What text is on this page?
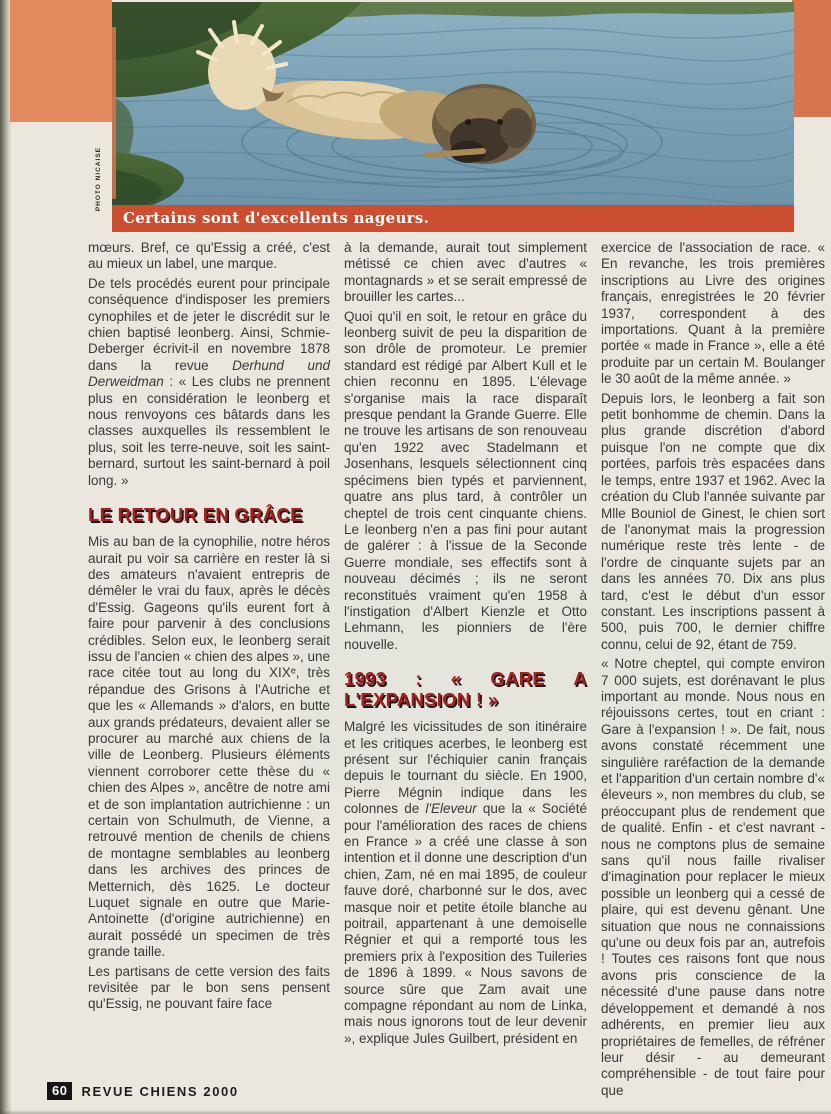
PHOTO NICAISE
Certains sont d'excellents nageurs.

mœurs. Bref, ce qu'Essig a créé, c'est au mieux un label, une marque.

De tels procédés eurent pour principale conséquence d'indisposer les premiers cynophiles et de jeter le discrédit sur le chien baptisé leonberg. Ainsi, Schmie-Deberger écrivit-il en novembre 1878 dans la revue Derhund und Derweidman : « Les clubs ne prennent plus en considération le leonberg et nous renvoyons ces bâtards dans les classes auxquelles ils ressemblent le plus, soit les terre-neuve, soit les saint-bernard, surtout les saint-bernard à poil long. »

LE RETOUR EN GRÂCE

Mis au ban de la cynophilie, notre héros aurait pu voir sa carrière en rester là si des amateurs n'avaient entrepris de démêler le vrai du faux, après le décès d'Essig. Gageons qu'ils eurent fort à faire pour parvenir à des conclusions crédibles. Selon eux, le leonberg serait issu de l'ancien « chien des alpes », une race citée tout au long du XIXᵉ, très répandue des Grisons à l'Autriche et que les « Allemands » d'alors, en butte aux grands prédateurs, devaient aller se procurer au marché aux chiens de la ville de Leonberg. Plusieurs éléments viennent corroborer cette thèse du « chien des Alpes », ancêtre de notre ami et de son implantation autrichienne : un certain von Schulmuth, de Vienne, a retrouvé mention de chenils de chiens de montagne semblables au leonberg dans les archives des princes de Metternich, dès 1625. Le docteur Luquet signale en outre que Marie-Antoinette (d'origine autrichienne) en aurait possédé un specimen de très grande taille.

Les partisans de cette version des faits revisitée par le bon sens pensent qu'Essig, ne pouvant faire face

à la demande, aurait tout simplement métissé ce chien avec d'autres « montagnards » et se serait empressé de brouiller les cartes...

Quoi qu'il en soit, le retour en grâce du leonberg suivit de peu la disparition de son drôle de promoteur. Le premier standard est rédigé par Albert Kull et le chien reconnu en 1895. L'élevage s'organise mais la race disparaît presque pendant la Grande Guerre. Elle ne trouve les artisans de son renouveau qu'en 1922 avec Stadelmann et Josenhans, lesquels sélectionnent cinq spécimens bien typés et parviennent, quatre ans plus tard, à contrôler un cheptel de trois cent cinquante chiens. Le leonberg n'en a pas fini pour autant de galérer : à l'issue de la Seconde Guerre mondiale, ses effectifs sont à nouveau décimés ; ils ne seront reconstitués vraiment qu'en 1958 à l'instigation d'Albert Kienzle et Otto Lehmann, les pionniers de l'ère nouvelle.

1993 : « GARE A L'EXPANSION ! »

Malgré les vicissitudes de son itinéraire et les critiques acerbes, le leonberg est présent sur l'échiquier canin français depuis le tournant du siècle. En 1900, Pierre Mégnin indique dans les colonnes de l'Eleveur que la « Société pour l'amélioration des races de chiens en France » a créé une classe à son intention et il donne une description d'un chien, Zam, né en mai 1895, de couleur fauve doré, charbonné sur le dos, avec masque noir et petite étoile blanche au poitrail, appartenant à une demoiselle Régnier et qui a remporté tous les premiers prix à l'exposition des Tuileries de 1896 à 1899. « Nous savons de source sûre que Zam avait une compagne répondant au nom de Linka, mais nous ignorons tout de leur devenir », explique Jules Guilbert, président en

exercice de l'association de race. « En revanche, les trois premières inscriptions au Livre des origines français, enregistrées le 20 février 1937, correspondent à des importations. Quant à la première portée « made in France », elle a été produite par un certain M. Boulanger le 30 août de la même année. »

Depuis lors, le leonberg a fait son petit bonhomme de chemin. Dans la plus grande discrétion d'abord puisque l'on ne compte que dix portées, parfois très espacées dans le temps, entre 1937 et 1962. Avec la création du Club l'année suivante par Mlle Bouniol de Ginest, le chien sort de l'anonymat mais la progression numérique reste très lente - de l'ordre de cinquante sujets par an dans les années 70. Dix ans plus tard, c'est le début d'un essor constant. Les inscriptions passent à 500, puis 700, le dernier chiffre connu, celui de 92, étant de 759.

« Notre cheptel, qui compte environ 7 000 sujets, est dorénavant le plus important au monde. Nous nous en réjouissons certes, tout en criant : Gare à l'expansion ! ». De fait, nous avons constaté récemment une singulière raréfaction de la demande et l'apparition d'un certain nombre d'« éleveurs », non membres du club, se préoccupant plus de rendement que de qualité. Enfin - et c'est navrant - nous ne comptons plus de semaine sans qu'il nous faille rivaliser d'imagination pour replacer le mieux possible un leonberg qui a cessé de plaire, qui est devenu gênant. Une situation que nous ne connaissions qu'une ou deux fois par an, autrefois ! Toutes ces raisons font que nous avons pris conscience de la nécessité d'une pause dans notre développement et demandé à nos adhérents, en premier lieu aux propriétaires de femelles, de réfréner leur désir - au demeurant compréhensible - de tout faire pour que

60	REVUE CHIENS 2000
